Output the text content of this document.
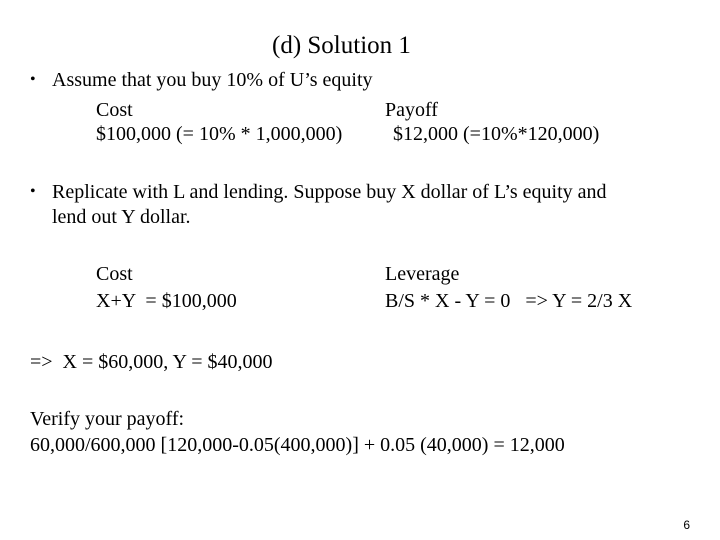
(d) Solution 1
• Assume that you buy 10% of U’s equity
Cost	Payoff
$100,000 (= 10% * 1,000,000)	$12,000 (=10%*120,000)
• Replicate with L and lending. Suppose buy X dollar of L’s equity and
lend out Y dollar.
Cost	Leverage
X+Y  = $100,000	B/S * X - Y = 0   => Y = 2/3 X
=>  X = $60,000, Y = $40,000
Verify your payoff:
60,000/600,000 [120,000-0.05(400,000)] + 0.05 (40,000) = 12,000
6
